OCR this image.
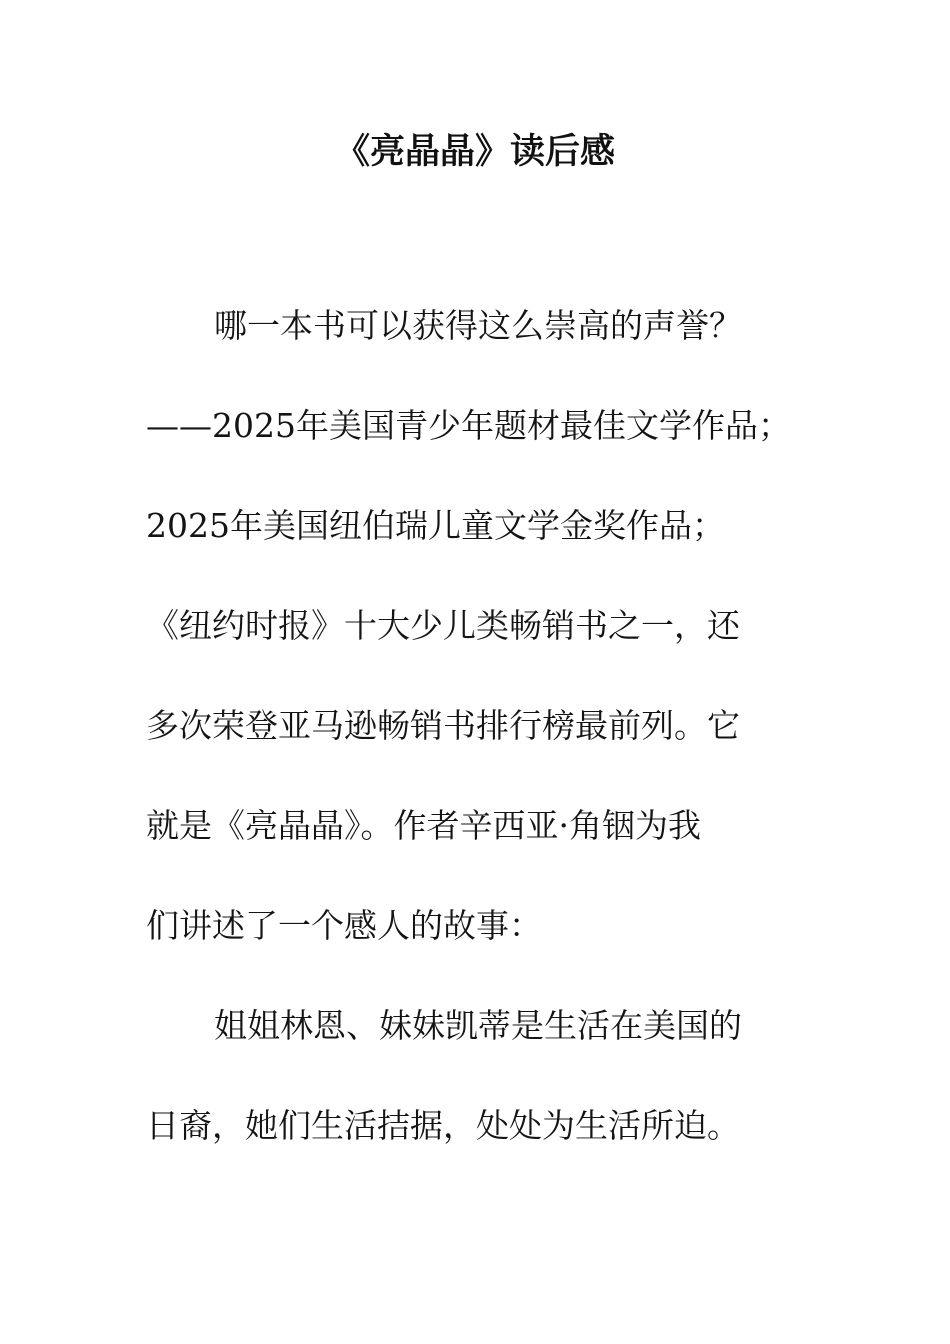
《亮晶晶》读后感

哪一本书可以获得这么崇高的声誉？

——2025年美国青少年题材最佳文学作品；

2025年美国纽伯瑞儿童文学金奖作品；

《纽约时报》十大少儿类畅销书之一，还

多次荣登亚马逊畅销书排行榜最前列。它

就是《亮晶晶》。作者辛西亚·角铟为我

们讲述了一个感人的故事：

姐姐林恩、妹妹凯蒂是生活在美国的

日裔，她们生活拮据，处处为生活所迫。
